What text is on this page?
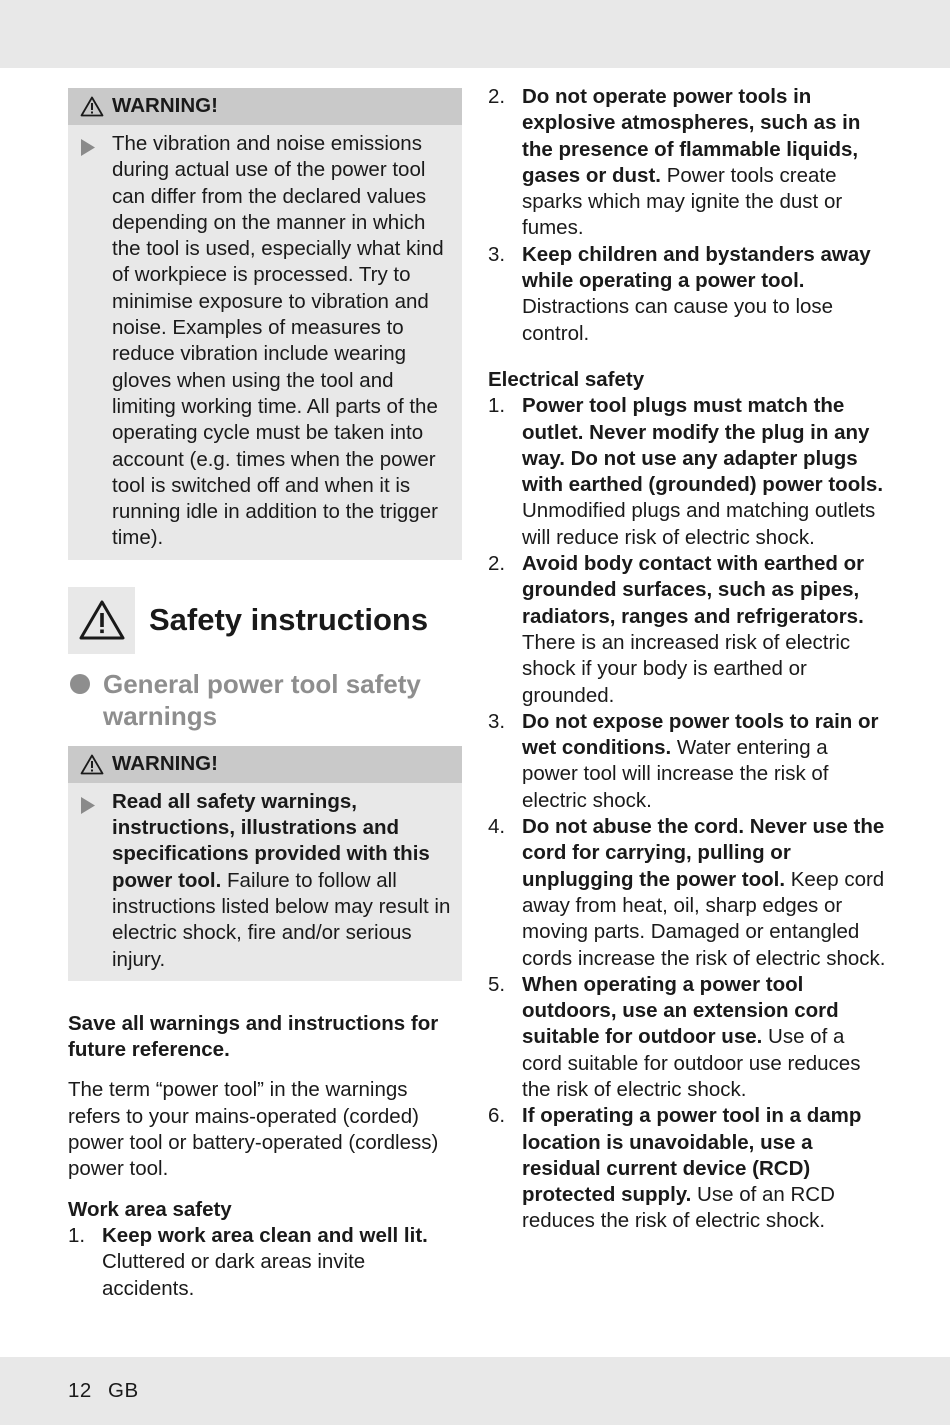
WARNING!
The vibration and noise emissions during actual use of the power tool can differ from the declared values depending on the manner in which the tool is used, especially what kind of workpiece is processed. Try to minimise exposure to vibration and noise. Examples of measures to reduce vibration include wearing gloves when using the tool and limiting working time. All parts of the operating cycle must be taken into account (e.g. times when the power tool is switched off and when it is running idle in addition to the trigger time).
Safety instructions
General power tool safety warnings
WARNING!
Read all safety warnings, instructions, illustrations and specifications provided with this power tool. Failure to follow all instructions listed below may result in electric shock, fire and/or serious injury.

Save all warnings and instructions for future reference.

The term “power tool” in the warnings refers to your mains-operated (corded) power tool or battery-operated (cordless) power tool.

Work area safety
1. Keep work area clean and well lit. Cluttered or dark areas invite accidents.
2. Do not operate power tools in explosive atmospheres, such as in the presence of flammable liquids, gases or dust. Power tools create sparks which may ignite the dust or fumes.
3. Keep children and bystanders away while operating a power tool. Distractions can cause you to lose control.
Electrical safety
1. Power tool plugs must match the outlet. Never modify the plug in any way. Do not use any adapter plugs with earthed (grounded) power tools. Unmodified plugs and matching outlets will reduce risk of electric shock.
2. Avoid body contact with earthed or grounded surfaces, such as pipes, radiators, ranges and refrigerators. There is an increased risk of electric shock if your body is earthed or grounded.
3. Do not expose power tools to rain or wet conditions. Water entering a power tool will increase the risk of electric shock.
4. Do not abuse the cord. Never use the cord for carrying, pulling or unplugging the power tool. Keep cord away from heat, oil, sharp edges or moving parts. Damaged or entangled cords increase the risk of electric shock.
5. When operating a power tool outdoors, use an extension cord suitable for outdoor use. Use of a cord suitable for outdoor use reduces the risk of electric shock.
6. If operating a power tool in a damp location is unavoidable, use a residual current device (RCD) protected supply. Use of an RCD reduces the risk of electric shock.
12 GB
